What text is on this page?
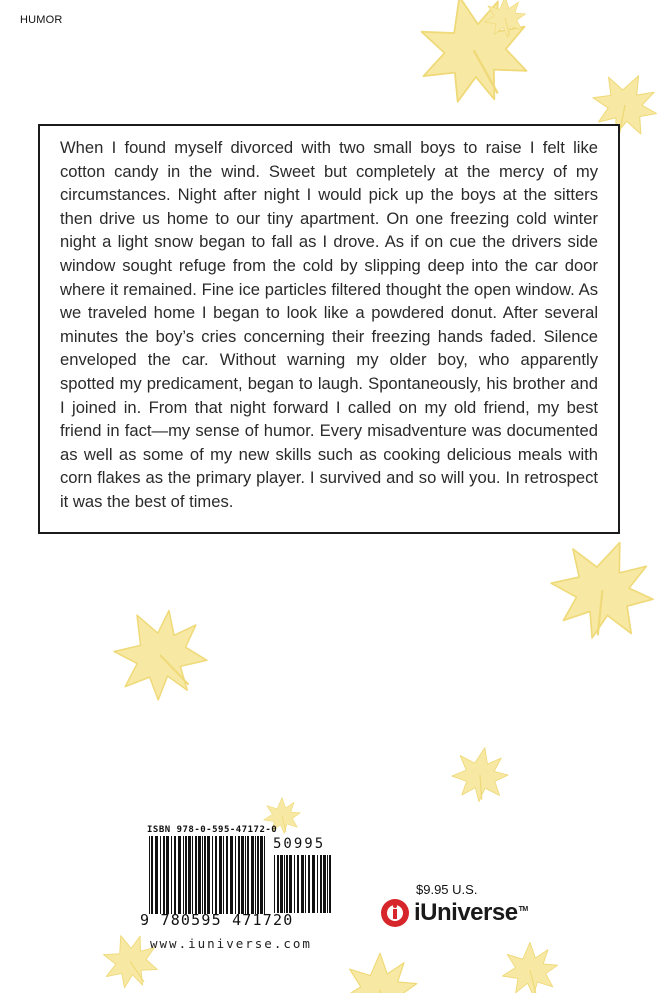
HUMOR

When I found myself divorced with two small boys to raise I felt like cotton candy in the wind. Sweet but completely at the mercy of my circumstances. Night after night I would pick up the boys at the sitters then drive us home to our tiny apartment. On one freezing cold winter night a light snow began to fall as I drove. As if on cue the drivers side window sought refuge from the cold by slipping deep into the car door where it remained. Fine ice particles filtered thought the open window. As we traveled home I began to look like a powdered donut. After several minutes the boy’s cries concerning their freezing hands faded. Silence enveloped the car. Without warning my older boy, who apparently spotted my predicament, began to laugh. Spontaneously, his brother and I joined in. From that night forward I called on my old friend, my best friend in fact—my sense of humor. Every misadventure was documented as well as some of my new skills such as cooking delicious meals with corn flakes as the primary player. I survived and so will you. In retrospect it was the best of times.

ISBN 978-0-595-47172-0
50995
9 780595 471720
www.iuniverse.com
$9.95 U.S.
iUniverse™
